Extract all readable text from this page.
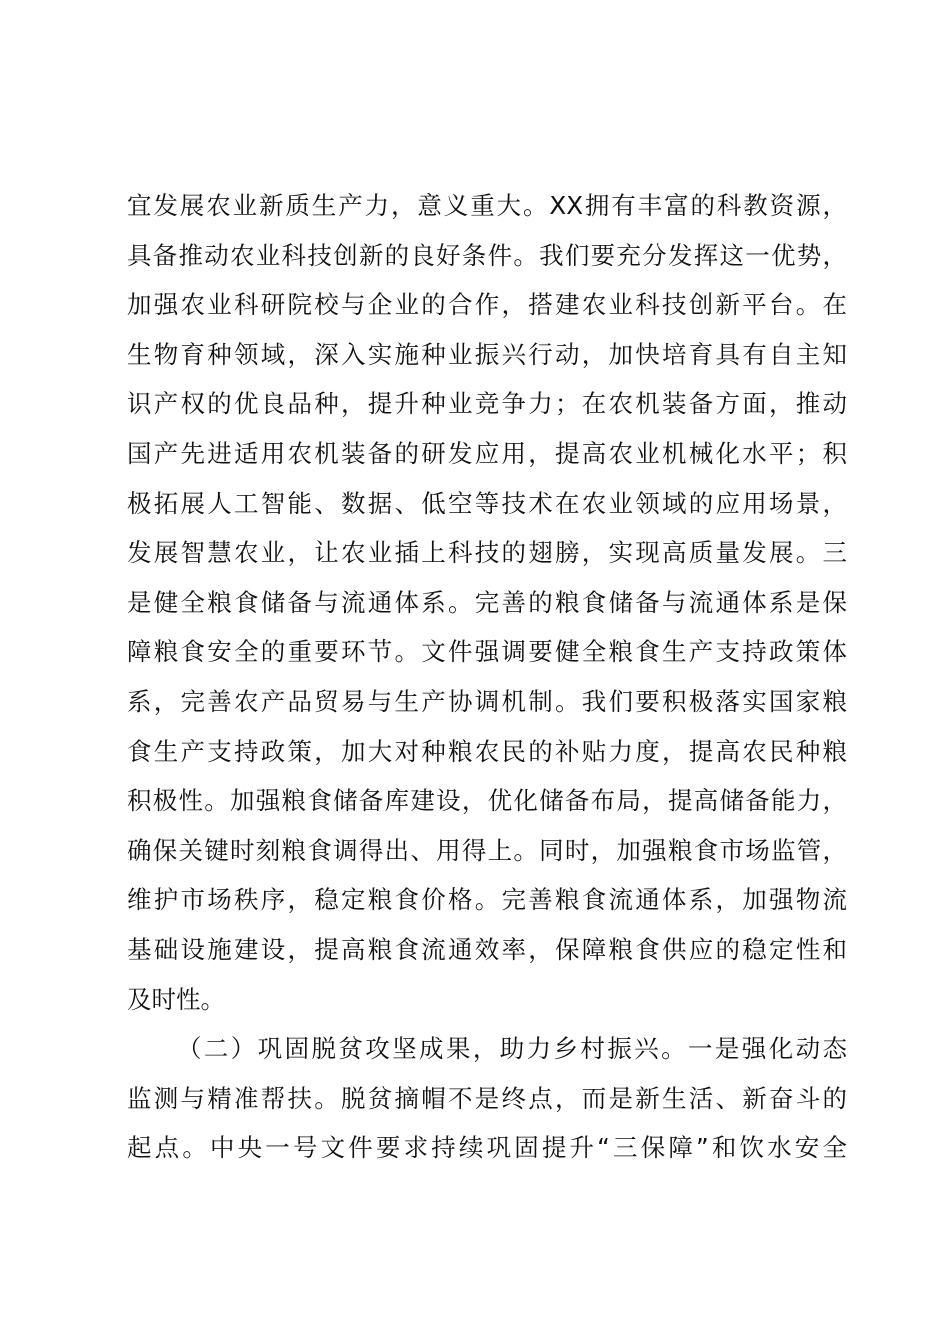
宜发展农业新质生产力，意义重大。XX拥有丰富的科教资源，
具备推动农业科技创新的良好条件。我们要充分发挥这一优势，
加强农业科研院校与企业的合作，搭建农业科技创新平台。在
生物育种领域，深入实施种业振兴行动，加快培育具有自主知
识产权的优良品种，提升种业竞争力；在农机装备方面，推动
国产先进适用农机装备的研发应用，提高农业机械化水平；积
极拓展人工智能、数据、低空等技术在农业领域的应用场景，
发展智慧农业，让农业插上科技的翅膀，实现高质量发展。三
是健全粮食储备与流通体系。完善的粮食储备与流通体系是保
障粮食安全的重要环节。文件强调要健全粮食生产支持政策体
系，完善农产品贸易与生产协调机制。我们要积极落实国家粮
食生产支持政策，加大对种粮农民的补贴力度，提高农民种粮
积极性。加强粮食储备库建设，优化储备布局，提高储备能力，
确保关键时刻粮食调得出、用得上。同时，加强粮食市场监管，
维护市场秩序，稳定粮食价格。完善粮食流通体系，加强物流
基础设施建设，提高粮食流通效率，保障粮食供应的稳定性和
及时性。
（二）巩固脱贫攻坚成果，助力乡村振兴。一是强化动态
监测与精准帮扶。脱贫摘帽不是终点，而是新生活、新奋斗的
起点。中央一号文件要求持续巩固提升“三保障”和饮水安全
